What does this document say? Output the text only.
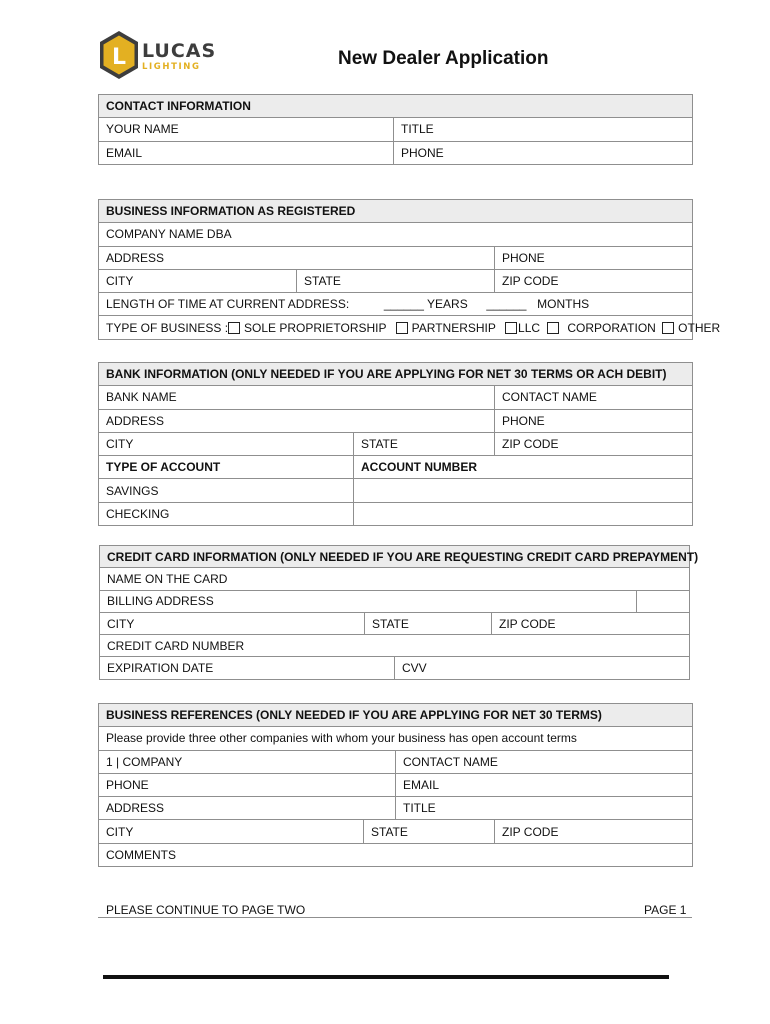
L LUCAS
LIGHTING	New Dealer Application
CONTACT INFORMATION	
YOUR NAME	TITLE
EMAIL	PHONE
BUSINESS INFORMATION AS REGISTERED		
COMPANY NAME DBA		
ADDRESS		PHONE
CITY	STATE	ZIP CODE
LENGTH OF TIME AT CURRENT ADDRESS: ______ YEARS ______ MONTHS		
TYPE OF BUSINESS : SOLE PROPRIETORSHIP PARTNERSHIP LLC CORPORATION OTHER		
BANK INFORMATION (ONLY NEEDED IF YOU ARE APPLYING FOR NET 30 TERMS OR ACH DEBIT)		
BANK NAME		CONTACT NAME
ADDRESS		PHONE
CITY	STATE	ZIP CODE
TYPE OF ACCOUNT	ACCOUNT NUMBER	
SAVINGS		
CHECKING		
CREDIT CARD INFORMATION (ONLY NEEDED IF YOU ARE REQUESTING CREDIT CARD PREPAYMENT)				
NAME ON THE CARD				
BILLING ADDRESS				
CITY	STATE		ZIP CODE	
CREDIT CARD NUMBER				
EXPIRATION DATE		CVV		
BUSINESS REFERENCES (ONLY NEEDED IF YOU ARE APPLYING FOR NET 30 TERMS)			
Please provide three other companies with whom your business has open account terms			
1 | COMPANY		CONTACT NAME	
PHONE		EMAIL	
ADDRESS		TITLE	
CITY	STATE		ZIP CODE
COMMENTS			
PLEASE CONTINUE TO PAGE TWO	PAGE 1
